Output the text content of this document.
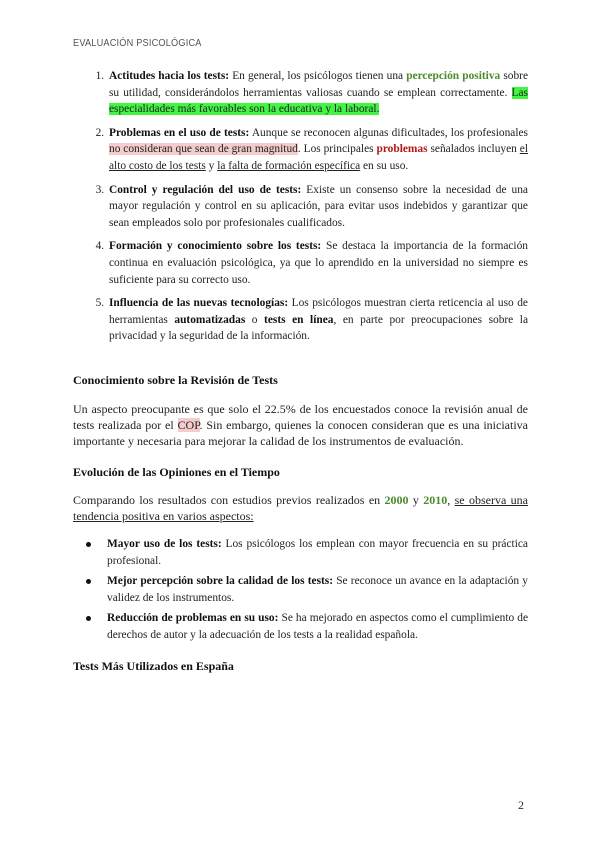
EVALUACIÓN PSICOLÓGICA
1. Actitudes hacia los tests: En general, los psicólogos tienen una percepción positiva sobre su utilidad, considerándolos herramientas valiosas cuando se emplean correctamente. Las especialidades más favorables son la educativa y la laboral.
2. Problemas en el uso de tests: Aunque se reconocen algunas dificultades, los profesionales no consideran que sean de gran magnitud. Los principales problemas señalados incluyen el alto costo de los tests y la falta de formación específica en su uso.
3. Control y regulación del uso de tests: Existe un consenso sobre la necesidad de una mayor regulación y control en su aplicación, para evitar usos indebidos y garantizar que sean empleados solo por profesionales cualificados.
4. Formación y conocimiento sobre los tests: Se destaca la importancia de la formación continua en evaluación psicológica, ya que lo aprendido en la universidad no siempre es suficiente para su correcto uso.
5. Influencia de las nuevas tecnologías: Los psicólogos muestran cierta reticencia al uso de herramientas automatizadas o tests en línea, en parte por preocupaciones sobre la privacidad y la seguridad de la información.
Conocimiento sobre la Revisión de Tests

Un aspecto preocupante es que solo el 22.5% de los encuestados conoce la revisión anual de tests realizada por el COP. Sin embargo, quienes la conocen consideran que es una iniciativa importante y necesaria para mejorar la calidad de los instrumentos de evaluación.

Evolución de las Opiniones en el Tiempo

Comparando los resultados con estudios previos realizados en 2000 y 2010, se observa una tendencia positiva en varios aspectos:

Mayor uso de los tests: Los psicólogos los emplean con mayor frecuencia en su práctica profesional.
Mejor percepción sobre la calidad de los tests: Se reconoce un avance en la adaptación y validez de los instrumentos.
Reducción de problemas en su uso: Se ha mejorado en aspectos como el cumplimiento de derechos de autor y la adecuación de los tests a la realidad española.
Tests Más Utilizados en España
2
